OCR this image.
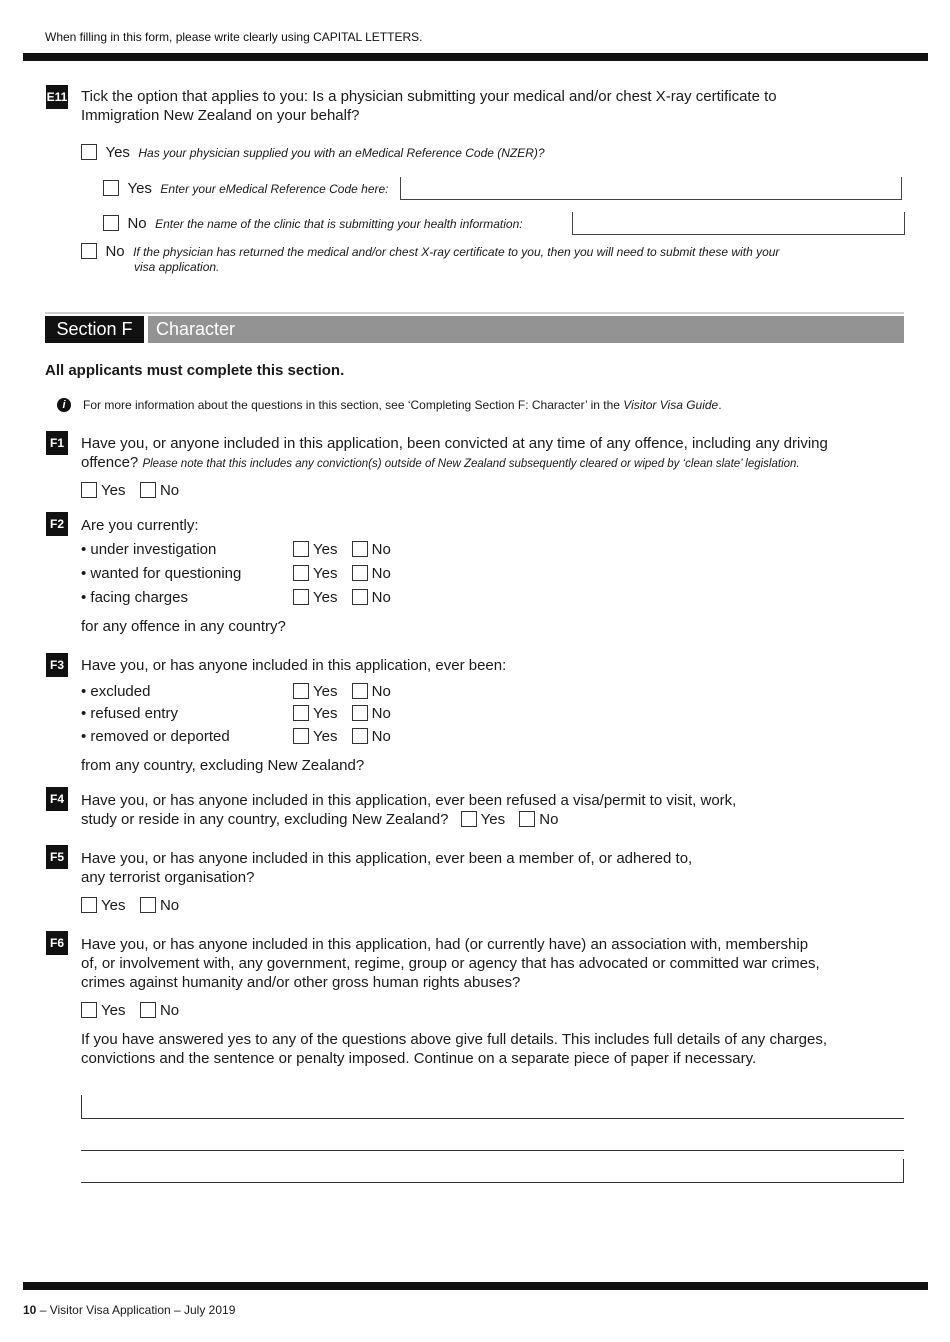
When filling in this form, please write clearly using CAPITAL LETTERS.
E11 Tick the option that applies to you: Is a physician submitting your medical and/or chest X-ray certificate to Immigration New Zealand on your behalf?
Yes Has your physician supplied you with an eMedical Reference Code (NZER)?
Yes Enter your eMedical Reference Code here:
No Enter the name of the clinic that is submitting your health information:
No If the physician has returned the medical and/or chest X-ray certificate to you, then you will need to submit these with your
visa application.
Section F	Character
All applicants must complete this section.
i	For more information about the questions in this section, see ‘Completing Section F: Character’ in the Visitor Visa Guide.
F1 Have you, or anyone included in this application, been convicted at any time of any offence, including any driving
offence? Please note that this includes any conviction(s) outside of New Zealand subsequently cleared or wiped by ‘clean slate’ legislation.
Yes No
F2 Are you currently:
• under investigation	Yes No
• wanted for questioning	Yes No
• facing charges	Yes No
for any offence in any country?
F3 Have you, or has anyone included in this application, ever been:
• excluded	Yes No
• refused entry	Yes No
• removed or deported	Yes No
from any country, excluding New Zealand?
F4 Have you, or has anyone included in this application, ever been refused a visa/permit to visit, work,
study or reside in any country, excluding New Zealand? Yes No
F5 Have you, or has anyone included in this application, ever been a member of, or adhered to,
any terrorist organisation?
Yes No
F6 Have you, or has anyone included in this application, had (or currently have) an association with, membership
of, or involvement with, any government, regime, group or agency that has advocated or committed war crimes,
crimes against humanity and/or other gross human rights abuses?
Yes No
If you have answered yes to any of the questions above give full details. This includes full details of any charges,
convictions and the sentence or penalty imposed. Continue on a separate piece of paper if necessary.
10 – Visitor Visa Application – July 2019
